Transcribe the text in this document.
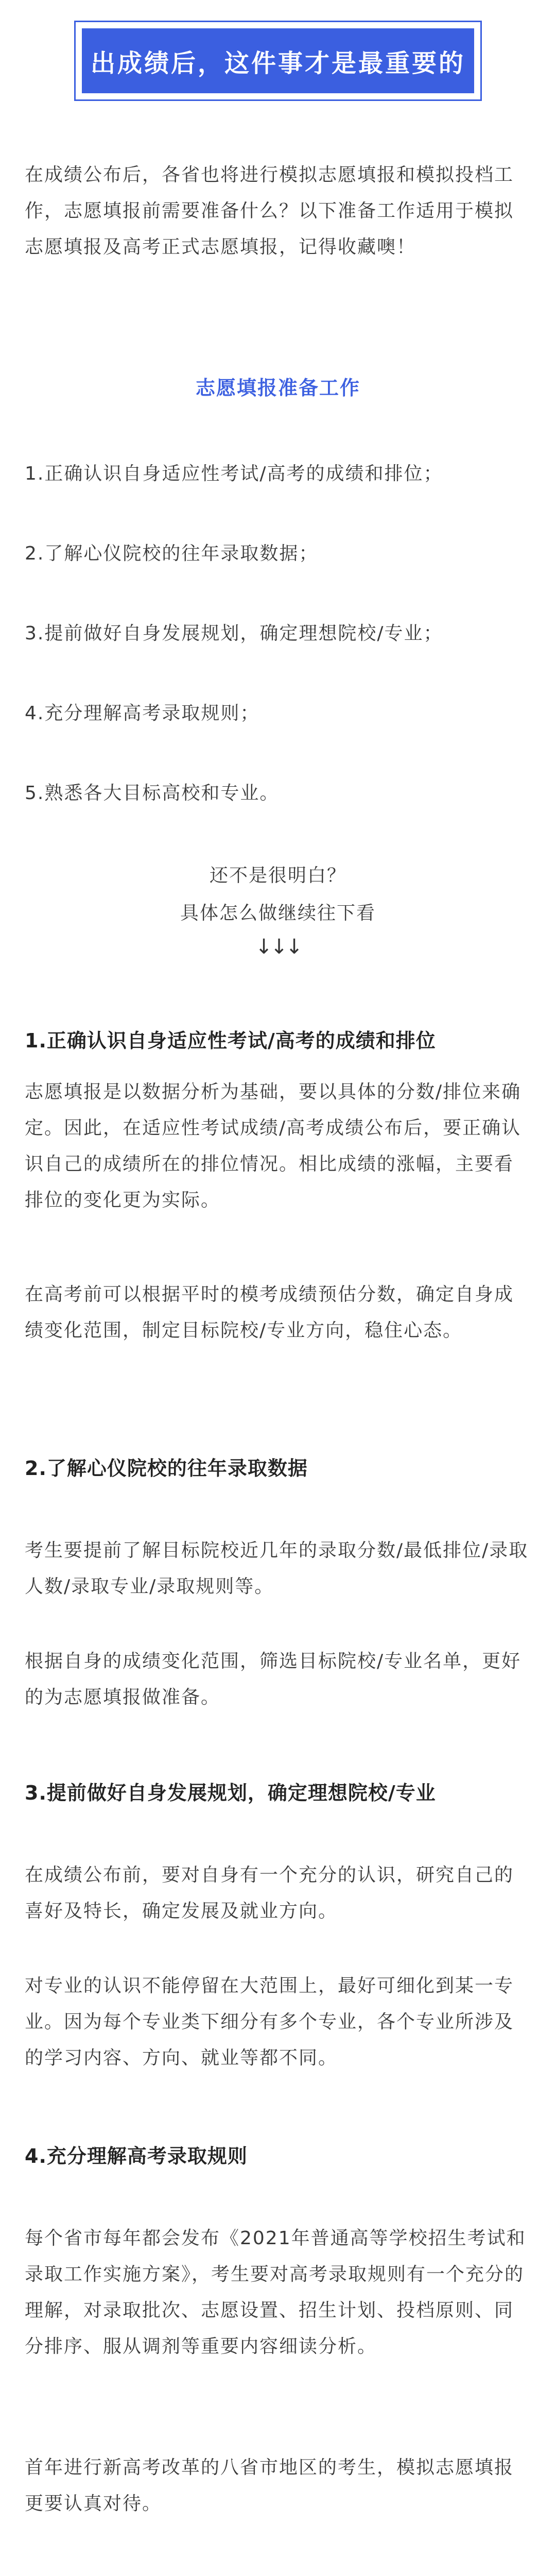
出成绩后，这件事才是最重要的

在成绩公布后，各省也将进行模拟志愿填报和模拟投档工作，志愿填报前需要准备什么？以下准备工作适用于模拟志愿填报及高考正式志愿填报，记得收藏噢！

志愿填报准备工作

1.正确认识自身适应性考试/高考的成绩和排位；

2.了解心仪院校的往年录取数据；

3.提前做好自身发展规划，确定理想院校/专业；

4.充分理解高考录取规则；

5.熟悉各大目标高校和专业。

还不是很明白？

具体怎么做继续往下看

↓↓↓
1.正确认识自身适应性考试/高考的成绩和排位

志愿填报是以数据分析为基础，要以具体的分数/排位来确定。因此，在适应性考试成绩/高考成绩公布后，要正确认识自己的成绩所在的排位情况。相比成绩的涨幅，主要看排位的变化更为实际。

在高考前可以根据平时的模考成绩预估分数，确定自身成绩变化范围，制定目标院校/专业方向，稳住心态。

2.了解心仪院校的往年录取数据

考生要提前了解目标院校近几年的录取分数/最低排位/录取人数/录取专业/录取规则等。

根据自身的成绩变化范围，筛选目标院校/专业名单，更好的为志愿填报做准备。

3.提前做好自身发展规划，确定理想院校/专业

在成绩公布前，要对自身有一个充分的认识，研究自己的喜好及特长，确定发展及就业方向。

对专业的认识不能停留在大范围上，最好可细化到某一专业。因为每个专业类下细分有多个专业，各个专业所涉及的学习内容、方向、就业等都不同。

4.充分理解高考录取规则

每个省市每年都会发布《2021年普通高等学校招生考试和录取工作实施方案》，考生要对高考录取规则有一个充分的理解，对录取批次、志愿设置、招生计划、投档原则、同分排序、服从调剂等重要内容细读分析。

首年进行新高考改革的八省市地区的考生，模拟志愿填报更要认真对待。
